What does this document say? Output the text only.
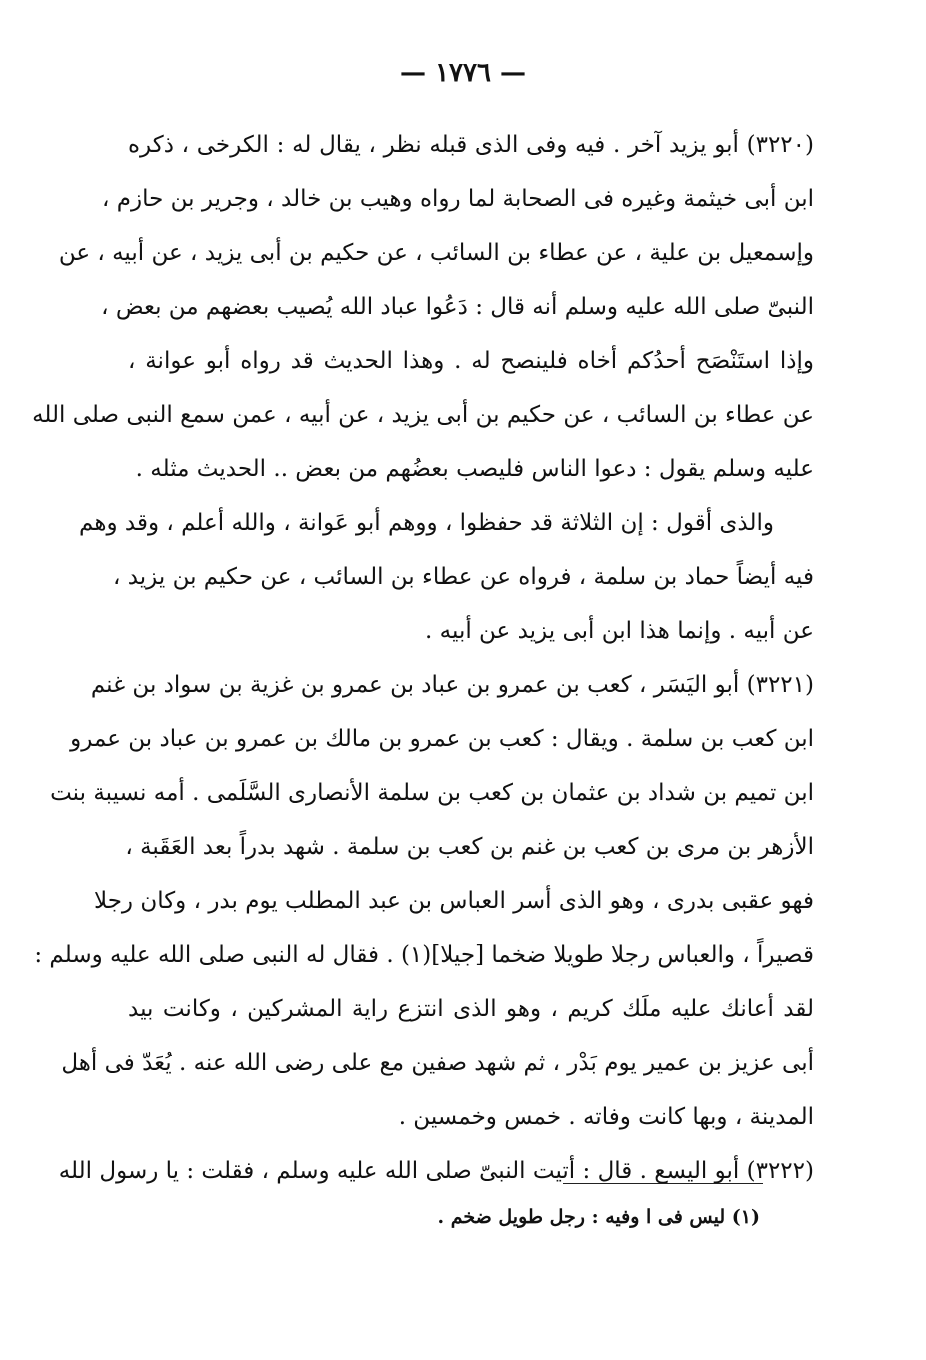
— ١٧٧٦ —
(٣٢٢٠) أبو يزيد آخر . فيه وفى الذى قبله نظر ، يقال له : الكرخى ، ذكره
ابن أبى خيثمة وغيره فى الصحابة لما رواه وهيب بن خالد ، وجرير بن حازم ،
وإسمعيل بن علية ، عن عطاء بن السائب ، عن حكيم بن أبى يزيد ، عن أبيه ، عن
النبىّ صلى الله عليه وسلم أنه قال : دَعُوا عباد الله يُصيب بعضهم من بعض ،
وإذا استَنْصَح أحدُكم أخاه فلينصح له . وهذا الحديث قد رواه أبو عوانة ،
عن عطاء بن السائب ، عن حكيم بن أبى يزيد ، عن أبيه ، عمن سمع النبى صلى الله
عليه وسلم يقول : دعوا الناس فليصب بعضُهم من بعض .. الحديث مثله .
والذى أقول : إن الثلاثة قد حفظوا ، ووهم أبو عَوانة ، والله أعلم ، وقد وهم
فيه أيضاً حماد بن سلمة ، فرواه عن عطاء بن السائب ، عن حكيم بن يزيد ،
عن أبيه . وإنما هذا ابن أبى يزيد عن أبيه .
(٣٢٢١) أبو اليَسَر ، كعب بن عمرو بن عباد بن عمرو بن غزية بن سواد بن غنم
ابن كعب بن سلمة . ويقال : كعب بن عمرو بن مالك بن عمرو بن عباد بن عمرو
ابن تميم بن شداد بن عثمان بن كعب بن سلمة الأنصارى السَّلَمى . أمه نسيبة بنت
الأزهر بن مرى بن كعب بن غنم بن كعب بن سلمة . شهد بدراً بعد العَقَبة ،
فهو عقبى بدرى ، وهو الذى أسر العباس بن عبد المطلب يوم بدر ، وكان رجلا
قصيراً ، والعباس رجلا طويلا ضخما [جيلا](١) . فقال له النبى صلى الله عليه وسلم :
لقد أعانك عليه ملَك كريم ، وهو الذى انتزع راية المشركين ، وكانت بيد
أبى عزيز بن عمير يوم بَدْر ، ثم شهد صفين مع على رضى الله عنه . يُعَدّ فى أهل
المدينة ، وبها كانت وفاته . خمس وخمسين .
(٣٢٢٢) أبو اليسع . قال : أتيت النبىّ صلى الله عليه وسلم ، فقلت : يا رسول الله
(١) ليس فى ا وفيه : رجل طويل ضخم .
